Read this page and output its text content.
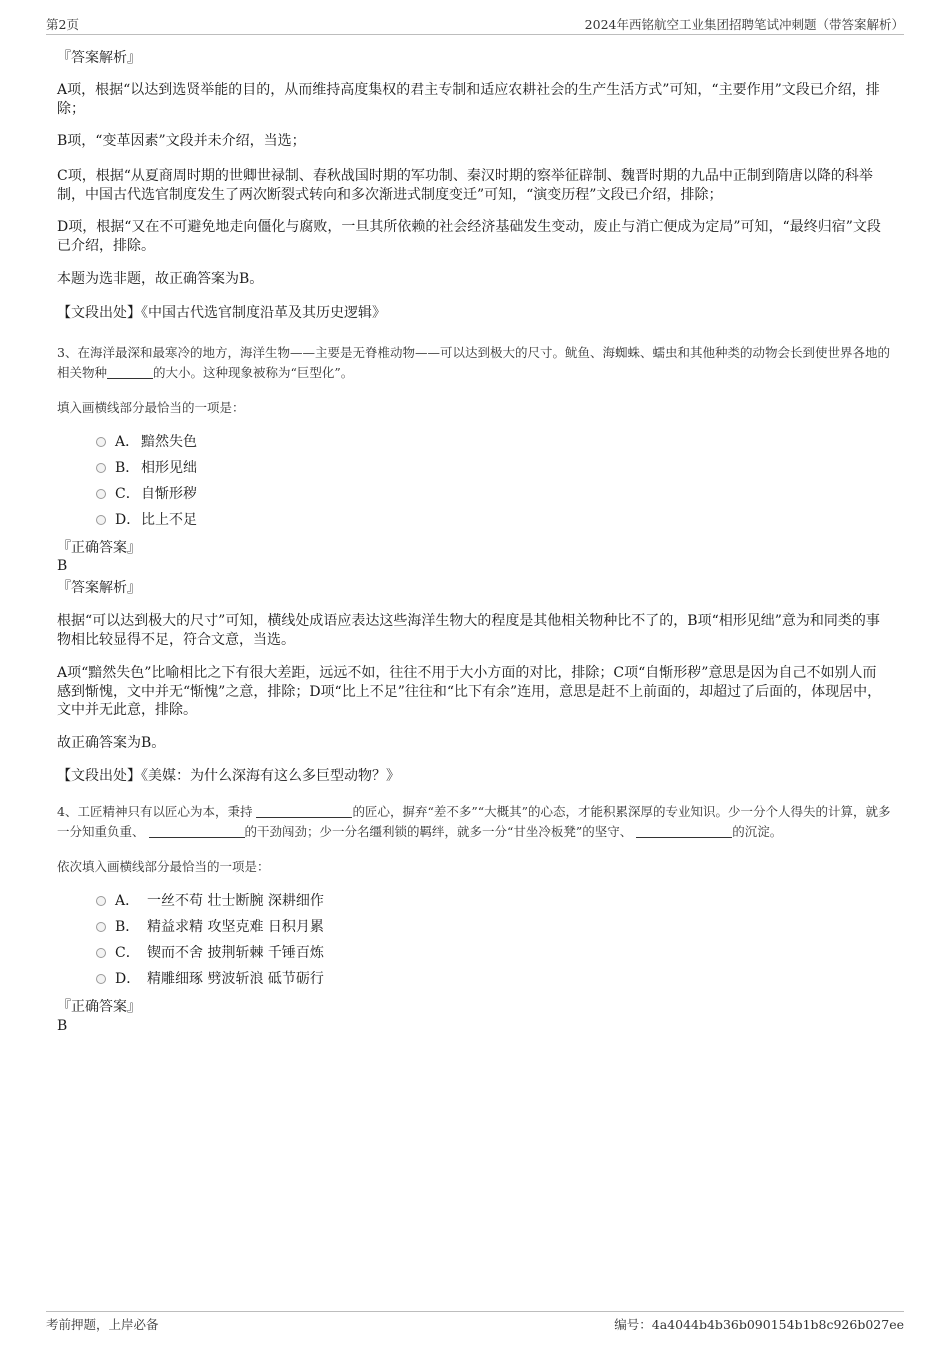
第2页	2024年西铭航空工业集团招聘笔试冲刺题（带答案解析）
『答案解析』
A项，根据“以达到选贤举能的目的，从而维持高度集权的君主专制和适应农耕社会的生产生活方式”可知，“主要作用”文段已介绍，排除；
B项，“变革因素”文段并未介绍，当选；
C项，根据“从夏商周时期的世卿世禄制、春秋战国时期的军功制、秦汉时期的察举征辟制、魏晋时期的九品中正制到隋唐以降的科举制，中国古代选官制度发生了两次断裂式转向和多次渐进式制度变迁”可知，“演变历程”文段已介绍，排除；
D项，根据“又在不可避免地走向僵化与腐败，一旦其所依赖的社会经济基础发生变动，废止与消亡便成为定局”可知，“最终归宿”文段已介绍，排除。
本题为选非题，故正确答案为B。
【文段出处】《中国古代选官制度沿革及其历史逻辑》
3、在海洋最深和最寒冷的地方，海洋生物——主要是无脊椎动物——可以达到极大的尺寸。鱿鱼、海蜘蛛、蠕虫和其他种类的动物会长到使世界各地的相关物种	的大小。这种现象被称为“巨型化”。
填入画横线部分最恰当的一项是：
A． 黯然失色
B． 相形见绌
C．自惭形秽
D．比上不足
『正确答案』
B
『答案解析』
根据“可以达到极大的尺寸”可知，横线处成语应表达这些海洋生物大的程度是其他相关物种比不了的，B项“相形见绌”意为和同类的事物相比较显得不足，符合文意，当选。
A项“黯然失色”比喻相比之下有很大差距，远远不如，往往不用于大小方面的对比，排除；C项“自惭形秽”意思是因为自己不如别人而感到惭愧，文中并无“惭愧”之意，排除；D项“比上不足”往往和“比下有余”连用，意思是赶不上前面的，却超过了后面的，体现居中，文中并无此意，排除。
故正确答案为B。
【文段出处】《美媒：为什么深海有这么多巨型动物？》
4、工匠精神只有以匠心为本，秉持	的匠心，摒弃“差不多”“大概其”的心态，才能积累深厚的专业知识。少一分个人得失的计算，就多一分知重负重、	的干劲闯劲；少一分名缰利锁的羁绊，就多一分“甘坐冷板凳”的坚守、	的沉淀。
依次填入画横线部分最恰当的一项是：
A． 一丝不苟 壮士断腕 深耕细作
B． 精益求精 攻坚克难 日积月累
C． 锲而不舍 披荆斩棘 千锤百炼
D． 精雕细琢 劈波斩浪 砥节砺行
『正确答案』
B
考前押题，上岸必备	编号：4a4044b4b36b090154b1b8c926b027ee
